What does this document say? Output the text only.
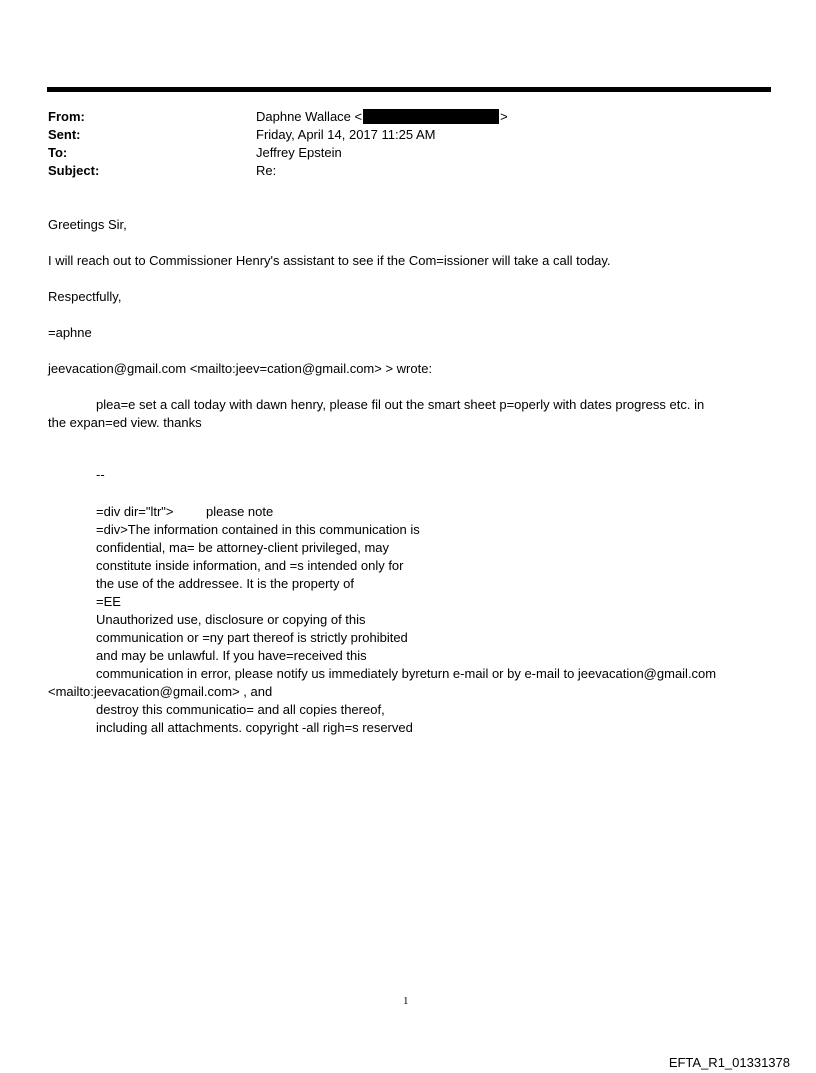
From:	Daphne Wallace <	>
Sent:	Friday, April 14, 2017 11:25 AM
To:	Jeffrey Epstein
Subject:	Re:
Greetings Sir,
I will reach out to Commissioner Henry's assistant to see if the Com=issioner will take a call today.
Respectfully,
=aphne
jeevacation@gmail.com <mailto:jeev=cation@gmail.com> > wrote:
plea=e set a call today with dawn henry, please fil out the smart sheet p=operly with dates progress etc. in
the expan=ed view. thanks
--
=div dir="ltr"> please note
=div>The information contained in this communication is
confidential, ma= be attorney-client privileged, may
constitute inside information, and =s intended only for
the use of the addressee. It is the property of
=EE
Unauthorized use, disclosure or copying of this
communication or =ny part thereof is strictly prohibited
and may be unlawful. If you have=received this
communication in error, please notify us immediately byreturn e-mail or by e-mail to jeevacation@gmail.com
<mailto:jeevacation@gmail.com> , and
destroy this communicatio= and all copies thereof,
including all attachments. copyright -all righ=s reserved
1
EFTA_R1_01331378
